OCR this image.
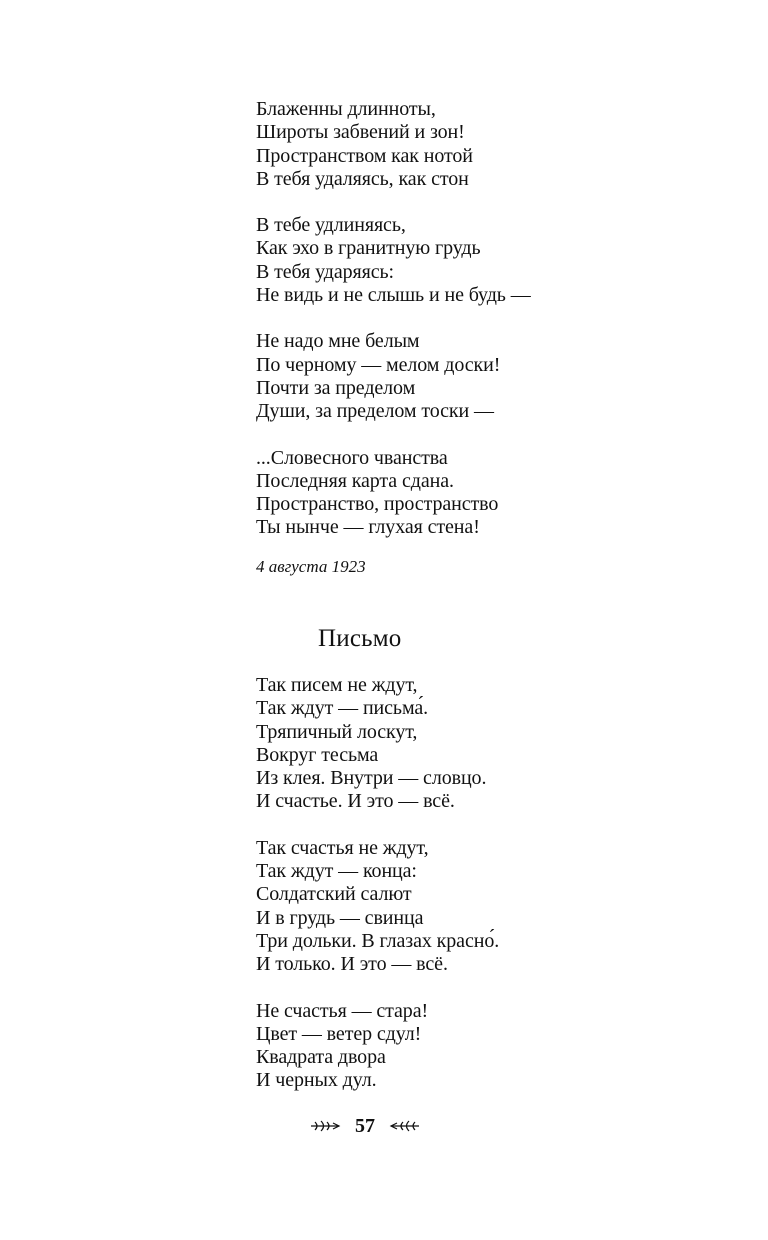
Блаженны длинноты,
Широты забвений и зон!
Пространством как нотой
В тебя удаляясь, как стон
В тебе удлиняясь,
Как эхо в гранитную грудь
В тебя ударяясь:
Не видь и не слышь и не будь —
Не надо мне белым
По черному — мелом доски!
Почти за пределом
Души, за пределом тоски —
...Словесного чванства
Последняя карта сдана.
Пространство, пространство
Ты нынче — глухая стена!
4 августа 1923
Письмо
Так писем не ждут,
Так ждут — письма́.
Тряпичный лоскут,
Вокруг тесьма
Из клея. Внутри — словцо.
И счастье. И это — всё.
Так счастья не ждут,
Так ждут — конца:
Солдатский салют
И в грудь — свинца
Три дольки. В глазах красно́.
И только. И это — всё.
Не счастья — стара!
Цвет — ветер сдул!
Квадрата двора
И черных дул.
57
